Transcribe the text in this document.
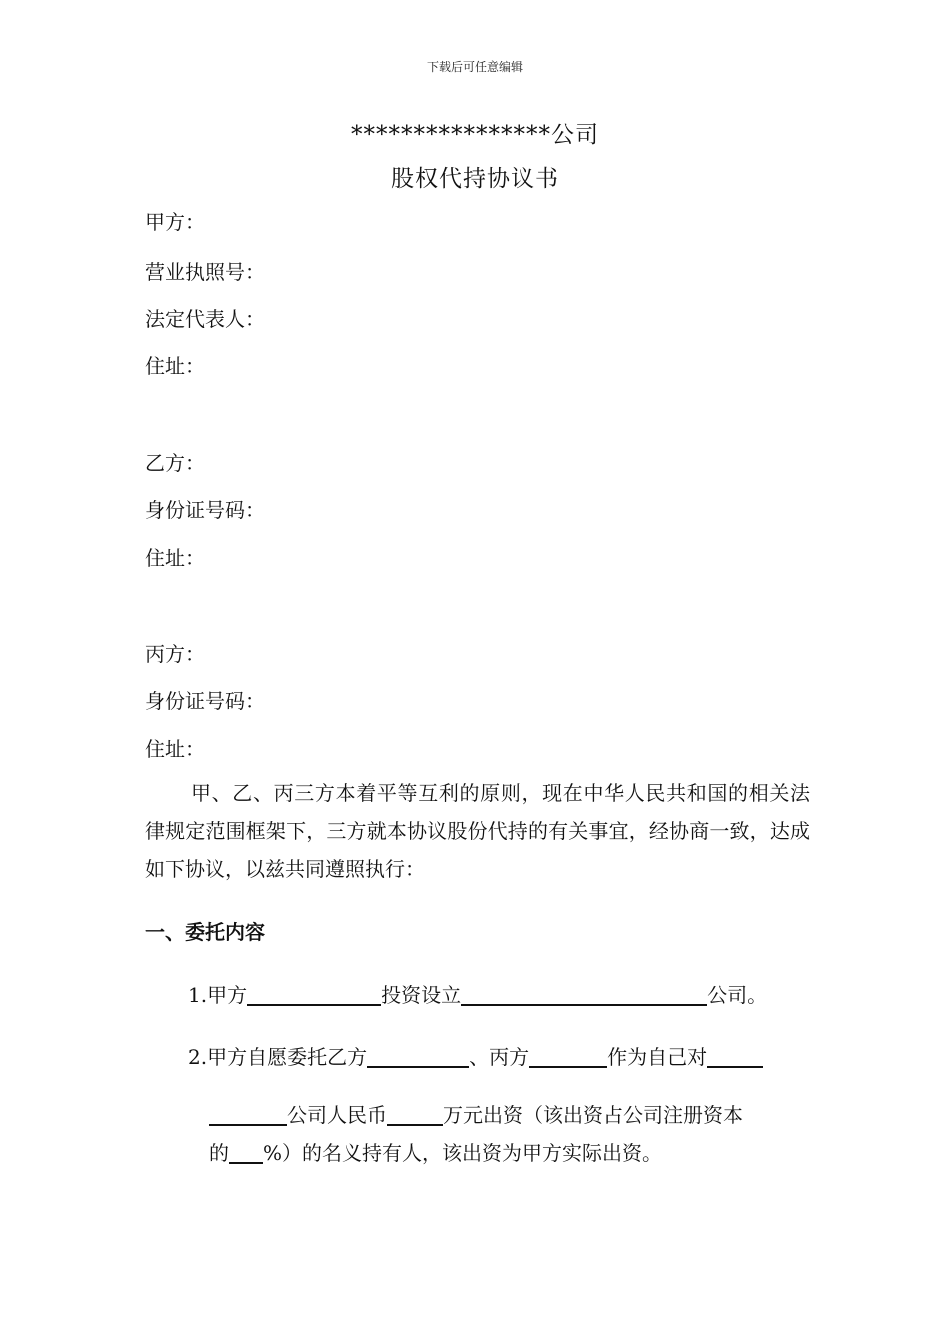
下载后可任意编辑
****************公司
股权代持协议书
甲方：
营业执照号：
法定代表人：
住址：
乙方：
身份证号码：
住址：
丙方：
身份证号码：
住址：
甲、乙、丙三方本着平等互利的原则，现在中华人民共和国的相关法律规定范围框架下，三方就本协议股份代持的有关事宜，经协商一致，达成如下协议，以兹共同遵照执行：
一、委托内容
1.甲方	投资设立	公司。
2.甲方自愿委托乙方	、丙方	作为自己对
公司人民币	万元出资（该出资占公司注册资本
的 %）的名义持有人，该出资为甲方实际出资。
